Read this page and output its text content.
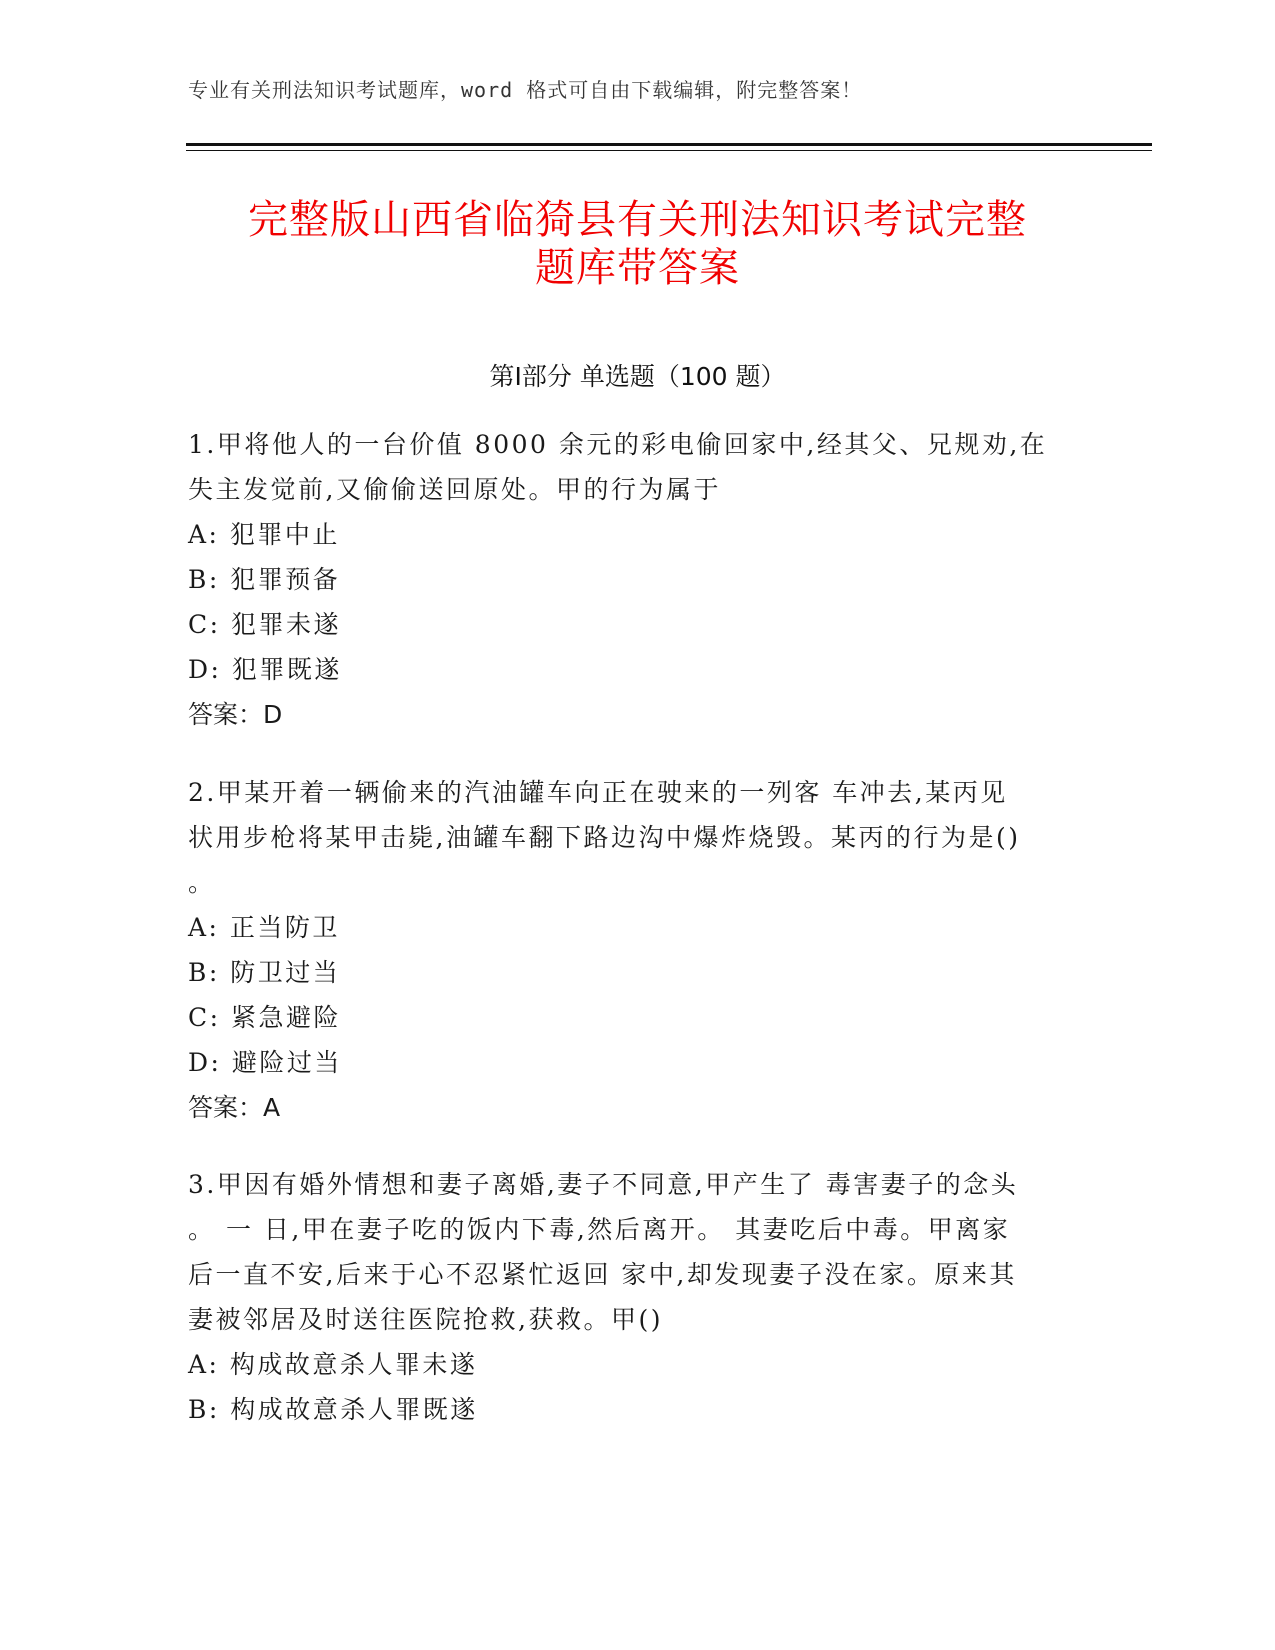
专业有关刑法知识考试题库，word 格式可自由下载编辑，附完整答案！
完整版山西省临猗县有关刑法知识考试完整
题库带答案
第Ⅰ部分 单选题（100 题）
1.甲将他人的一台价值 8000 余元的彩电偷回家中,经其父、兄规劝,在
失主发觉前,又偷偷送回原处。甲的行为属于
A: 犯罪中止
B: 犯罪预备
C: 犯罪未遂
D: 犯罪既遂
答案：D
2.甲某开着一辆偷来的汽油罐车向正在驶来的一列客 车冲去,某丙见
状用步枪将某甲击毙,油罐车翻下路边沟中爆炸烧毁。某丙的行为是()
。
A: 正当防卫
B: 防卫过当
C: 紧急避险
D: 避险过当
答案：A
3.甲因有婚外情想和妻子离婚,妻子不同意,甲产生了 毒害妻子的念头
。 一 日,甲在妻子吃的饭内下毒,然后离开。 其妻吃后中毒。甲离家
后一直不安,后来于心不忍紧忙返回 家中,却发现妻子没在家。原来其
妻被邻居及时送往医院抢救,获救。甲()
A: 构成故意杀人罪未遂
B: 构成故意杀人罪既遂
